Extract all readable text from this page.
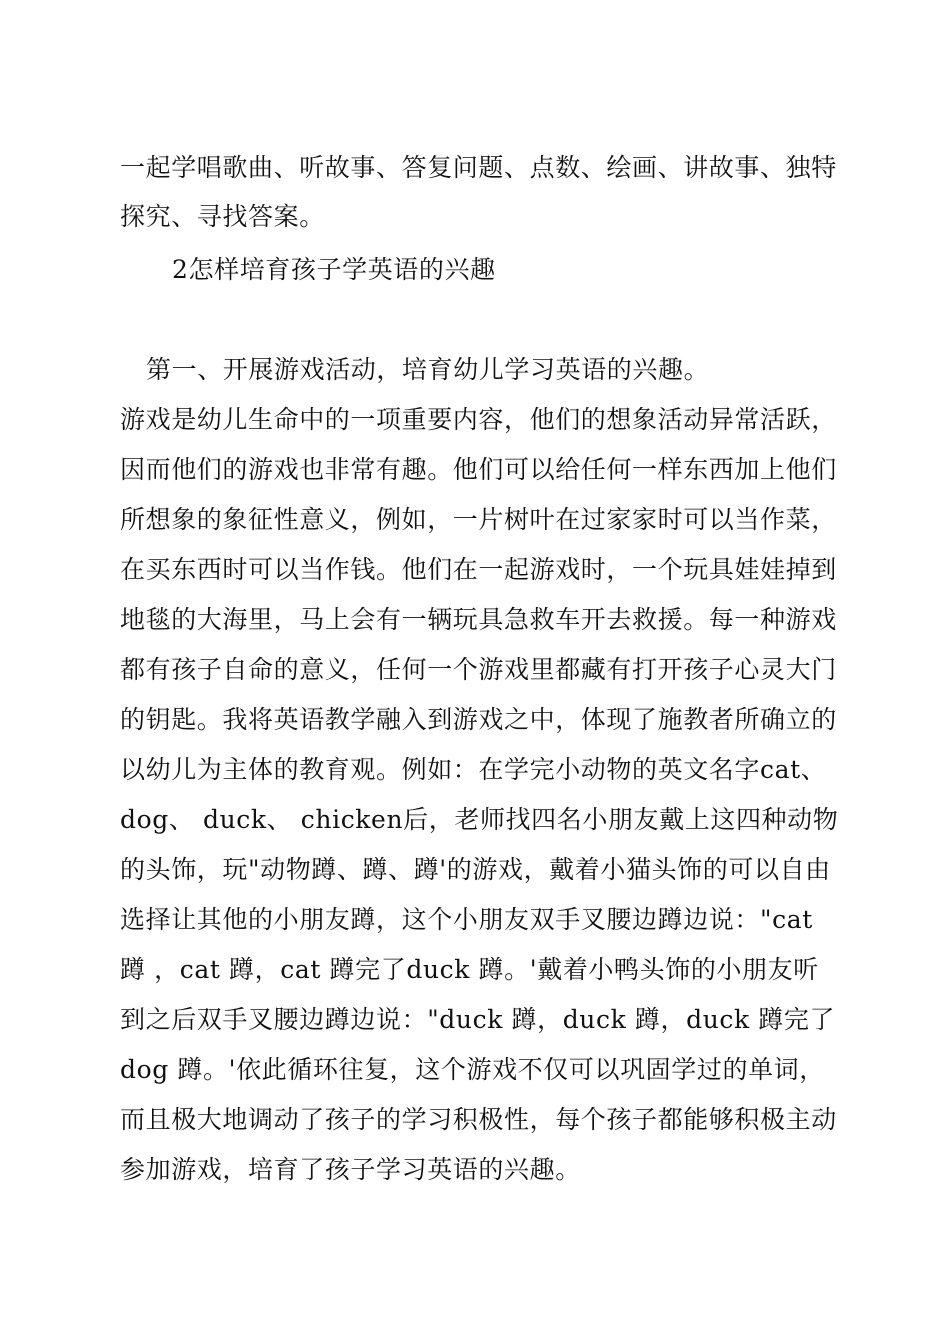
一起学唱歌曲、听故事、答复问题、点数、绘画、讲故事、独特
探究、寻找答案。
2怎样培育孩子学英语的兴趣
第一、开展游戏活动，培育幼儿学习英语的兴趣。
游戏是幼儿生命中的一项重要内容，他们的想象活动异常活跃，
因而他们的游戏也非常有趣。他们可以给任何一样东西加上他们
所想象的象征性意义，例如，一片树叶在过家家时可以当作菜，
在买东西时可以当作钱。他们在一起游戏时，一个玩具娃娃掉到
地毯的大海里，马上会有一辆玩具急救车开去救援。每一种游戏
都有孩子自命的意义，任何一个游戏里都藏有打开孩子心灵大门
的钥匙。我将英语教学融入到游戏之中，体现了施教者所确立的
以幼儿为主体的教育观。例如：在学完小动物的英文名字cat、
dog、 duck、 chicken后，老师找四名小朋友戴上这四种动物
的头饰，玩"动物蹲、蹲、蹲'的游戏，戴着小猫头饰的可以自由
选择让其他的小朋友蹲，这个小朋友双手叉腰边蹲边说："cat
蹲 ，cat 蹲，cat 蹲完了duck 蹲。'戴着小鸭头饰的小朋友听
到之后双手叉腰边蹲边说："duck 蹲，duck 蹲，duck 蹲完了
dog 蹲。'依此循环往复，这个游戏不仅可以巩固学过的单词，
而且极大地调动了孩子的学习积极性，每个孩子都能够积极主动
参加游戏，培育了孩子学习英语的兴趣。
